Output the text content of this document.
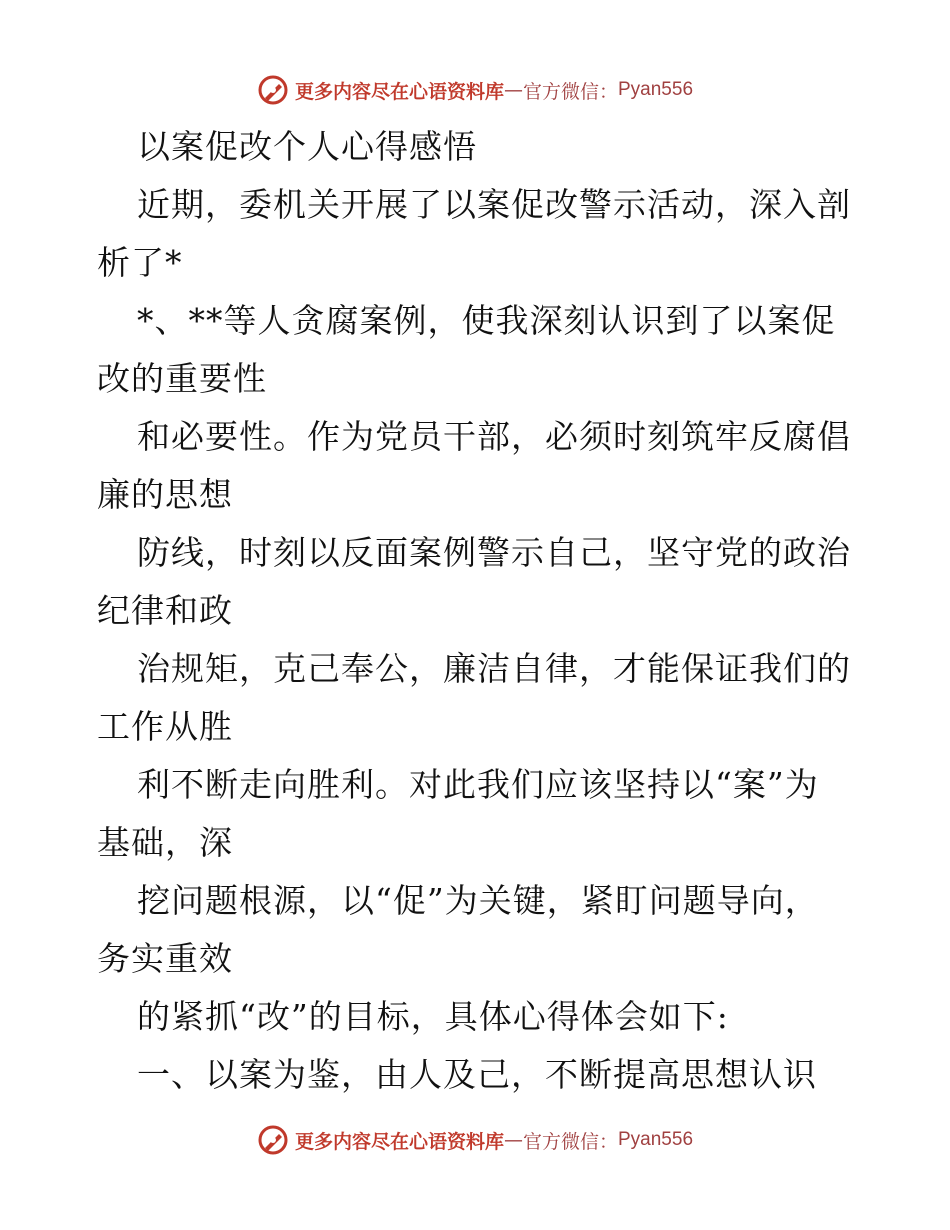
更多内容尽在心语资料库 — 官方微信： Pyan556
以案促改个人心得感悟
近期，委机关开展了以案促改警示活动，深入剖
析了*
*、**等人贪腐案例，使我深刻认识到了以案促
改的重要性
和必要性。作为党员干部，必须时刻筑牢反腐倡
廉的思想
防线，时刻以反面案例警示自己，坚守党的政治
纪律和政
治规矩，克己奉公，廉洁自律，才能保证我们的
工作从胜
利不断走向胜利。对此我们应该坚持以“案”为
基础，深
挖问题根源，以“促”为关键，紧盯问题导向，
务实重效
的紧抓“改”的目标，具体心得体会如下:
一、以案为鉴，由人及己，不断提高思想认识
更多内容尽在心语资料库 — 官方微信： Pyan556
